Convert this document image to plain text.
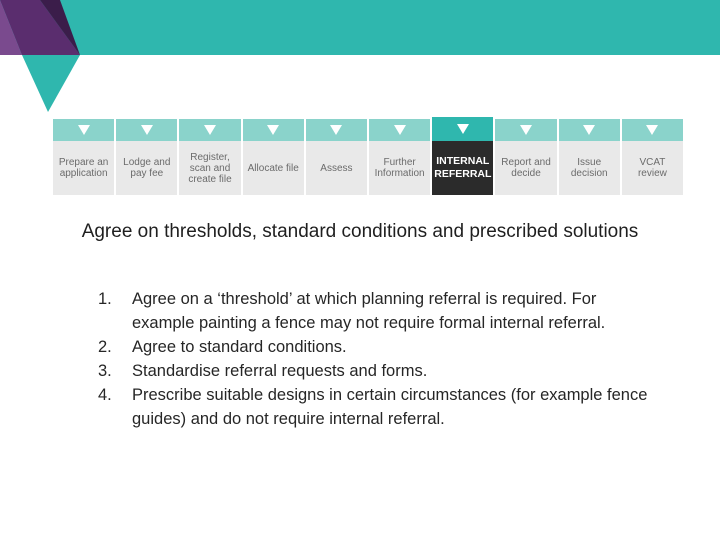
Prepare an application
Lodge and pay fee
Register, scan and create file
Allocate file	Assess	Further Information
INTERNAL REFERRAL
Report and decide
Issue decision
VCAT review
Agree on thresholds, standard conditions and prescribed solutions
1.	Agree on a ‘threshold’ at which planning referral is required. For example painting a fence may not require formal internal referral.
2.	Agree to standard conditions.
3.	Standardise referral requests and forms.
4.	Prescribe suitable designs in certain circumstances (for example fence guides) and do not require internal referral.
